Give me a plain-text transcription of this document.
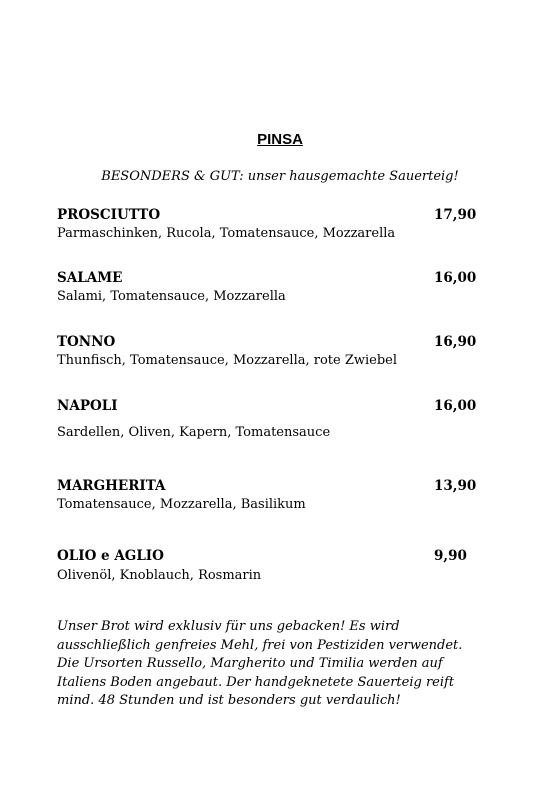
PINSA
BESONDERS & GUT: unser hausgemachte Sauerteig!
PROSCIUTTO	17,90
Parmaschinken, Rucola, Tomatensauce, Mozzarella
SALAME	16,00
Salami, Tomatensauce, Mozzarella
TONNO	16,90
Thunfisch, Tomatensauce, Mozzarella, rote Zwiebel
NAPOLI	16,00
Sardellen, Oliven, Kapern, Tomatensauce
MARGHERITA	13,90
Tomatensauce, Mozzarella, Basilikum
OLIO e AGLIO	9,90
Olivenöl, Knoblauch, Rosmarin
Unser Brot wird exklusiv für uns gebacken! Es wird
ausschließlich genfreies Mehl, frei von Pestiziden verwendet.
Die Ursorten Russello, Margherito und Timilia werden auf
Italiens Boden angebaut. Der handgeknetete Sauerteig reift
mind. 48 Stunden und ist besonders gut verdaulich!
